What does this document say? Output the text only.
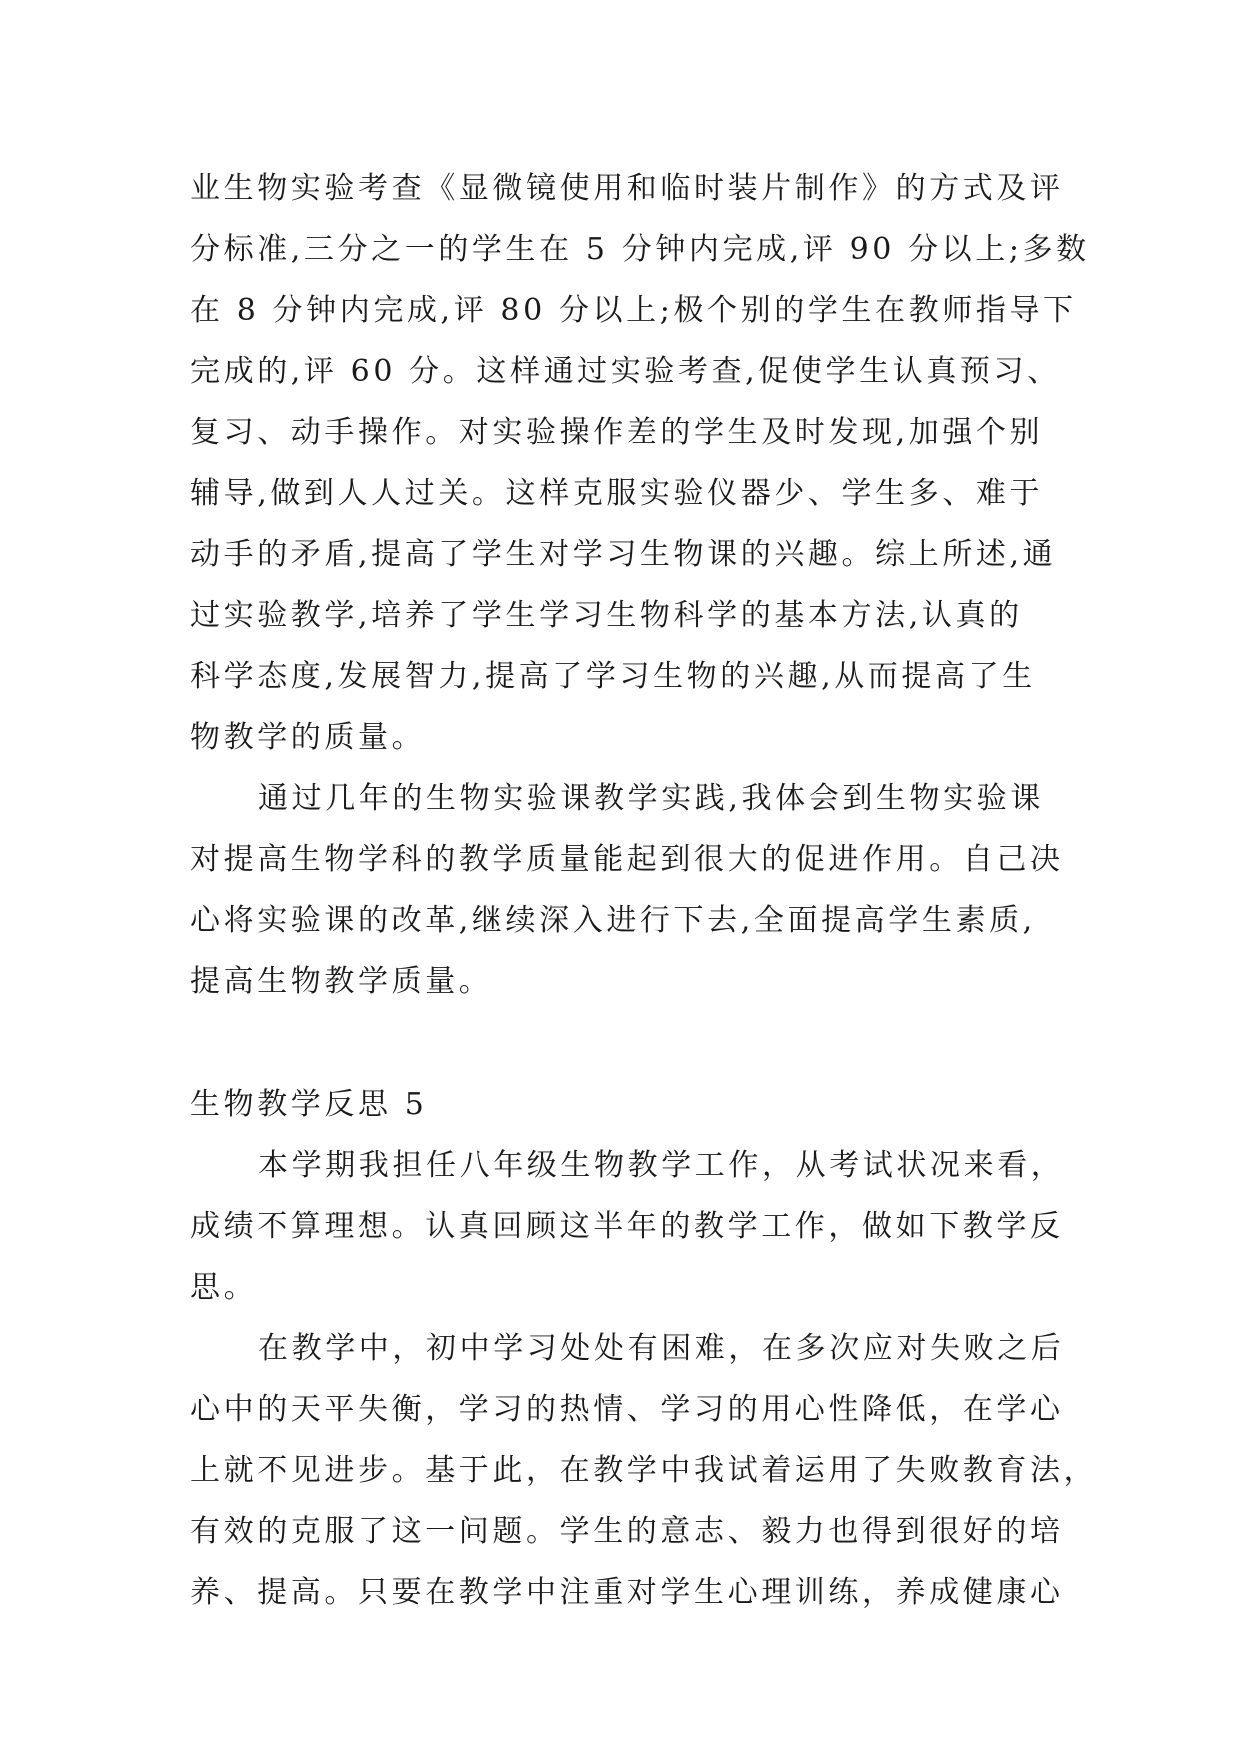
业生物实验考查《显微镜使用和临时装片制作》的方式及评
分标准,三分之一的学生在 5 分钟内完成,评 90 分以上;多数
在 8 分钟内完成,评 80 分以上;极个别的学生在教师指导下
完成的,评 60 分。这样通过实验考查,促使学生认真预习、
复习、动手操作。对实验操作差的学生及时发现,加强个别
辅导,做到人人过关。这样克服实验仪器少、学生多、难于
动手的矛盾,提高了学生对学习生物课的兴趣。综上所述,通
过实验教学,培养了学生学习生物科学的基本方法,认真的
科学态度,发展智力,提高了学习生物的兴趣,从而提高了生
物教学的质量。
通过几年的生物实验课教学实践,我体会到生物实验课
对提高生物学科的教学质量能起到很大的促进作用。自己决
心将实验课的改革,继续深入进行下去,全面提高学生素质,
提高生物教学质量。
生物教学反思 5
本学期我担任八年级生物教学工作，从考试状况来看，
成绩不算理想。认真回顾这半年的教学工作，做如下教学反
思。
在教学中，初中学习处处有困难，在多次应对失败之后
心中的天平失衡，学习的热情、学习的用心性降低，在学心
上就不见进步。基于此，在教学中我试着运用了失败教育法，
有效的克服了这一问题。学生的意志、毅力也得到很好的培
养、提高。只要在教学中注重对学生心理训练，养成健康心
